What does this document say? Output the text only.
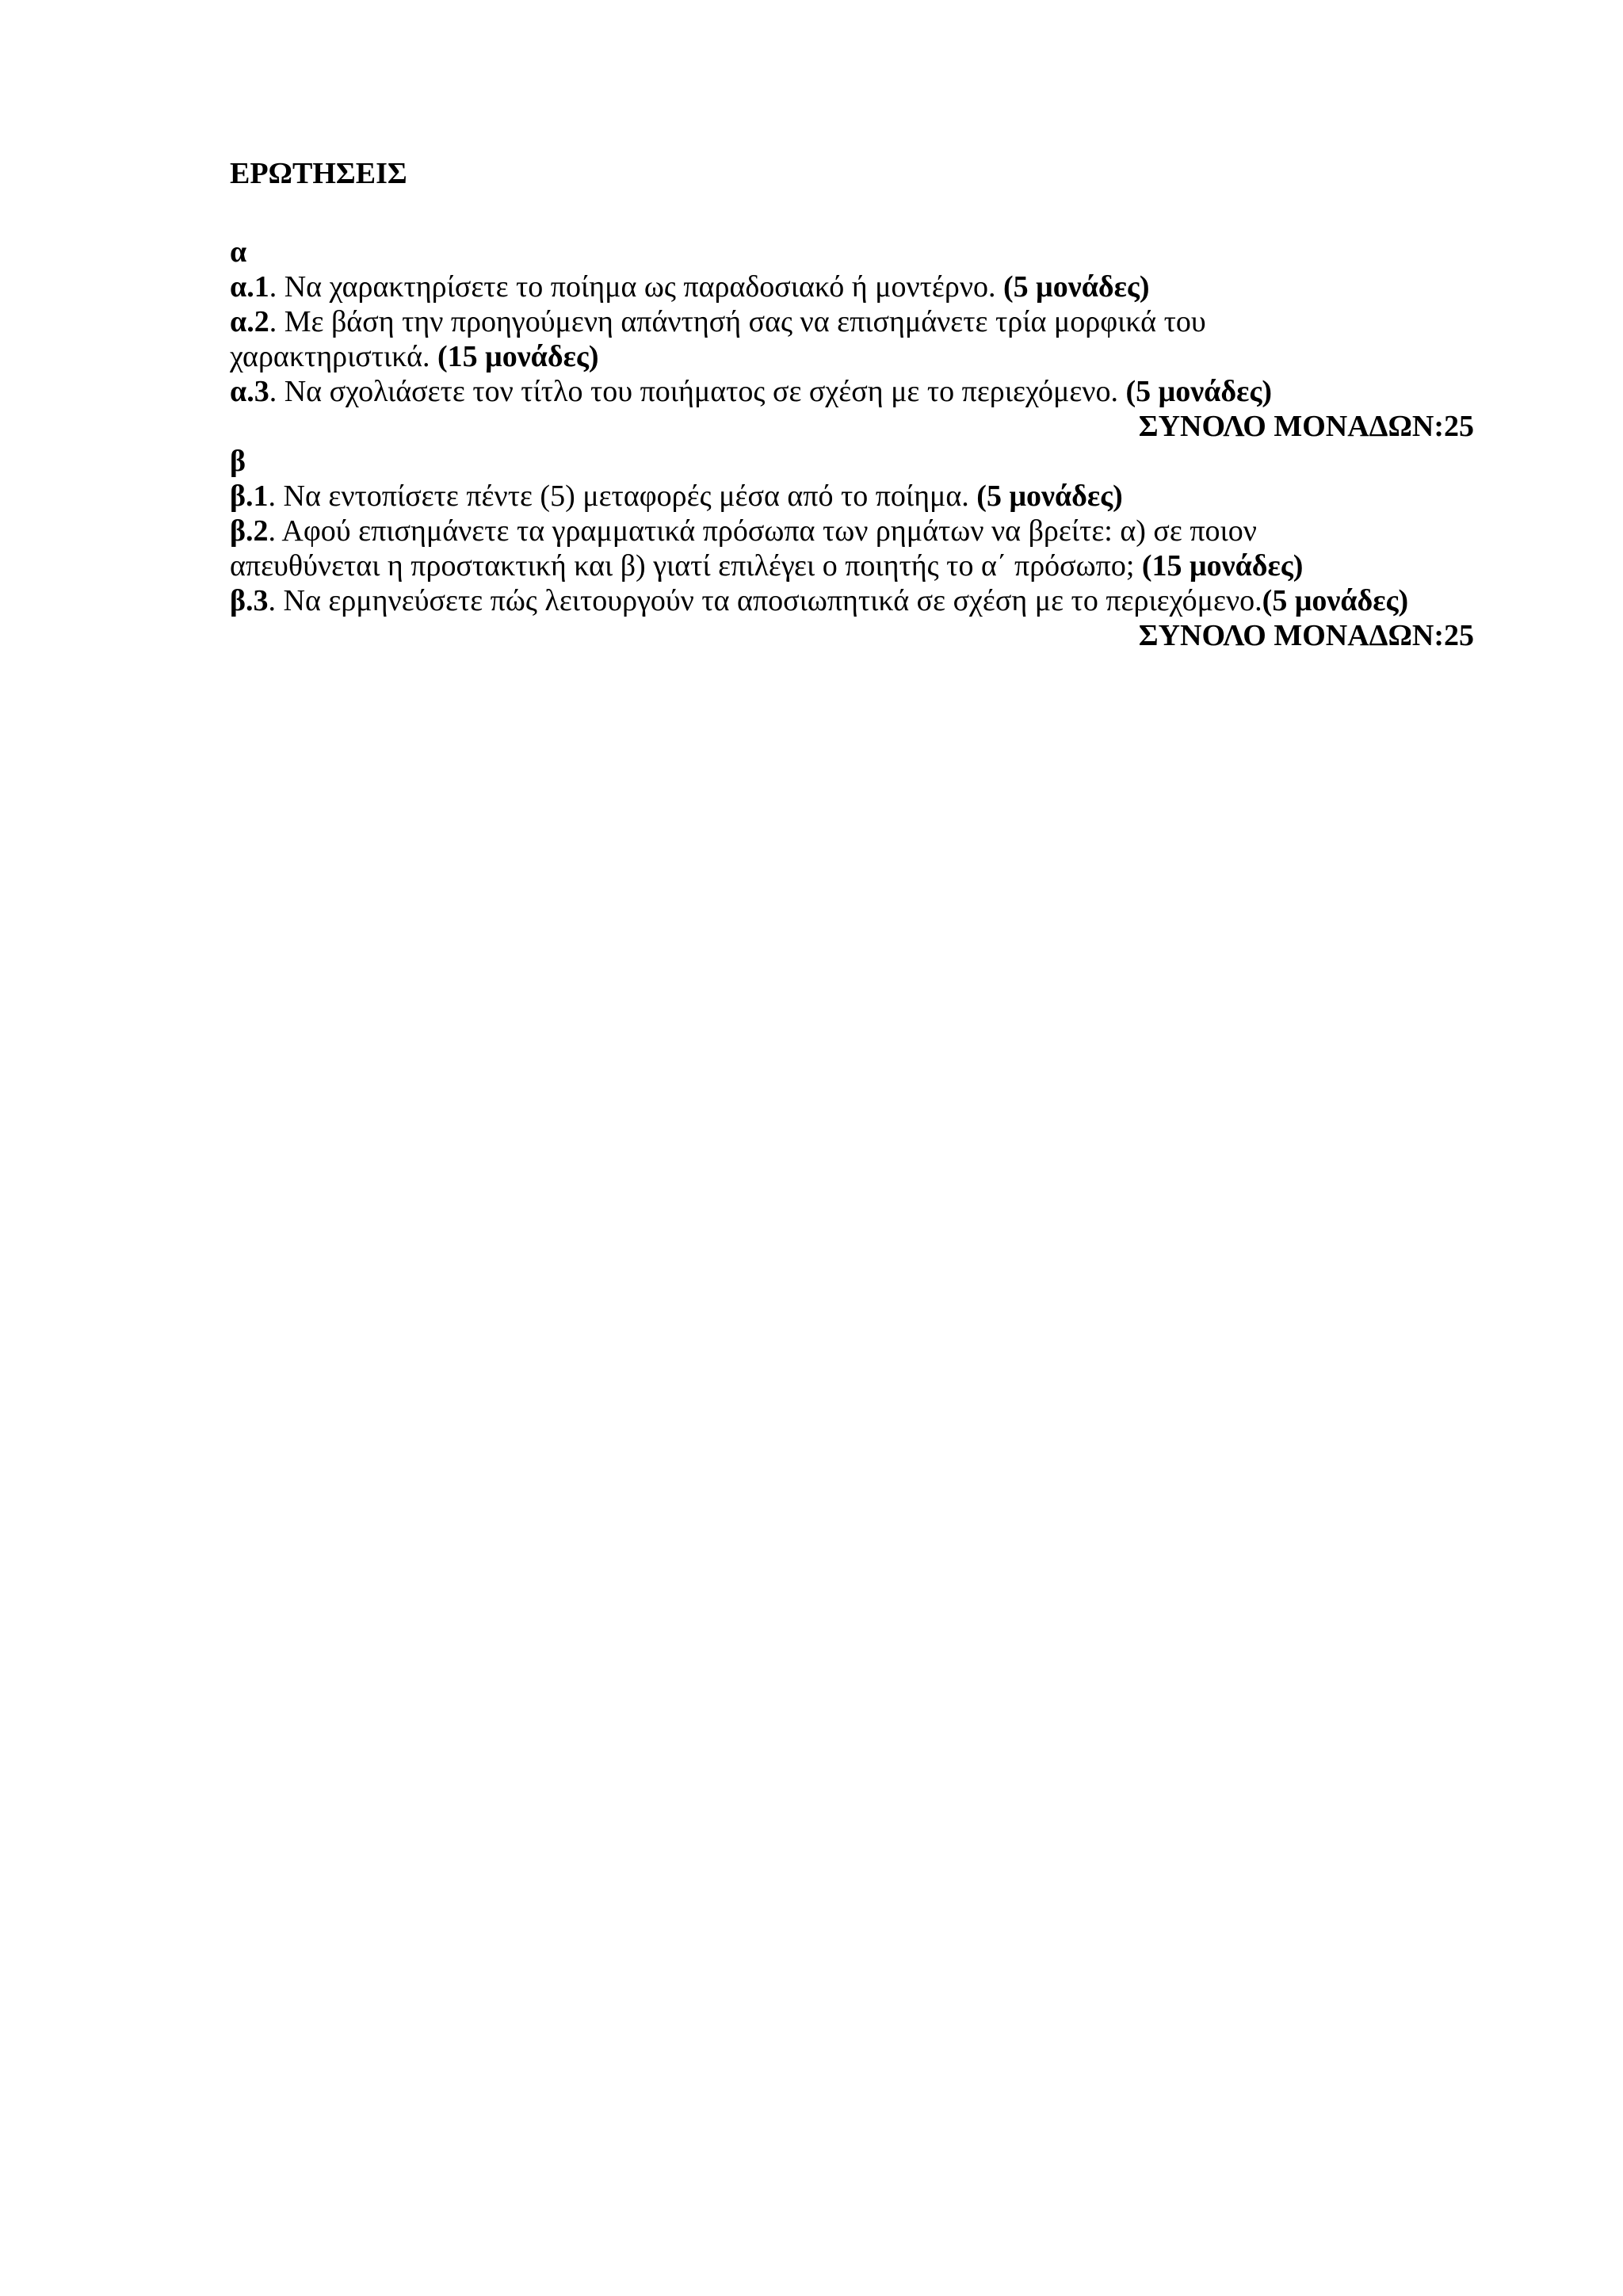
ΕΡΩΤΗΣΕΙΣ

α

α.1. Να χαρακτηρίσετε το ποίημα ως παραδοσιακό ή μοντέρνο. (5 μονάδες)

α.2. Με βάση την προηγούμενη απάντησή σας να επισημάνετε τρία μορφικά του χαρακτηριστικά. (15 μονάδες)

α.3. Να σχολιάσετε τον τίτλο του ποιήματος σε σχέση με το περιεχόμενο. (5 μονάδες)

ΣΥΝΟΛΟ ΜΟΝΑΔΩΝ:25

β

β.1. Να εντοπίσετε πέντε (5) μεταφορές μέσα από το ποίημα. (5 μονάδες)

β.2. Αφού επισημάνετε τα γραμματικά πρόσωπα των ρημάτων να βρείτε: α) σε ποιον απευθύνεται η προστακτική και β) γιατί επιλέγει ο ποιητής το α΄ πρόσωπο; (15 μονάδες)

β.3. Να ερμηνεύσετε πώς λειτουργούν τα αποσιωπητικά σε σχέση με το περιεχόμενο.(5 μονάδες)

ΣΥΝΟΛΟ ΜΟΝΑΔΩΝ:25
